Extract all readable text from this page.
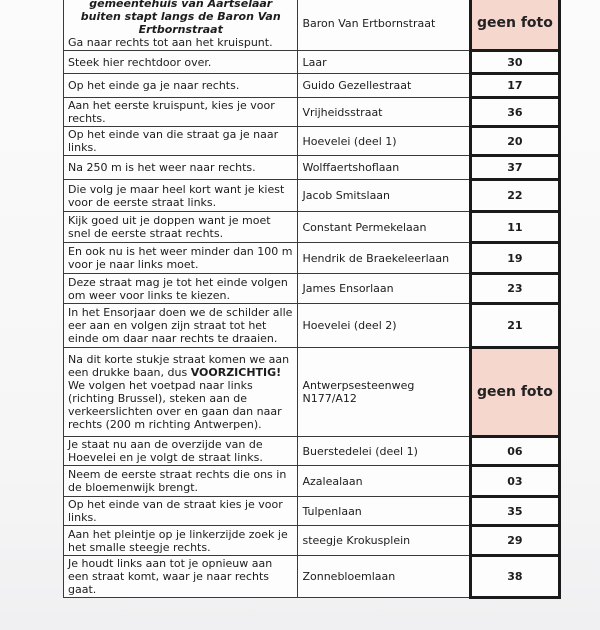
gemeentehuis van Aartselaar buiten stapt langs de Baron Van Ertbornstraat
Ga naar rechts tot aan het kruispunt.	Baron Van Ertbornstraat	geen foto
Steek hier rechtdoor over.	Laar	30
Op het einde ga je naar rechts.	Guido Gezellestraat	17
Aan het eerste kruispunt, kies je voor rechts.	Vrijheidsstraat	36
Op het einde van die straat ga je naar links.	Hoevelei (deel 1)	20
Na 250 m is het weer naar rechts.	Wolffaertshoflaan	37
Die volg je maar heel kort want je kiest voor de eerste straat links.	Jacob Smitslaan	22
Kijk goed uit je doppen want je moet snel de eerste straat rechts.	Constant Permekelaan	11
En ook nu is het weer minder dan 100 m voor je naar links moet.	Hendrik de Braekeleerlaan	19
Deze straat mag je tot het einde volgen om weer voor links te kiezen.	James Ensorlaan	23
In het Ensorjaar doen we de schilder alle eer aan en volgen zijn straat tot het einde om daar naar rechts te draaien.	Hoevelei (deel 2)	21
Na dit korte stukje straat komen we aan een drukke baan, dus VOORZICHTIG!
We volgen het voetpad naar links (richting Brussel), steken aan de verkeerslichten over en gaan dan naar rechts (200 m richting Antwerpen).	Antwerpsesteenweg N177/A12	geen foto
Je staat nu aan de overzijde van de Hoevelei en je volgt de straat links.	Buerstedelei (deel 1)	06
Neem de eerste straat rechts die ons in de bloemenwijk brengt.	Azalealaan	03
Op het einde van de straat kies je voor links.	Tulpenlaan	35
Aan het pleintje op je linkerzijde zoek je het smalle steegje rechts.	steegje Krokusplein	29
Je houdt links aan tot je opnieuw aan een straat komt, waar je naar rechts gaat.	Zonnebloemlaan	38
